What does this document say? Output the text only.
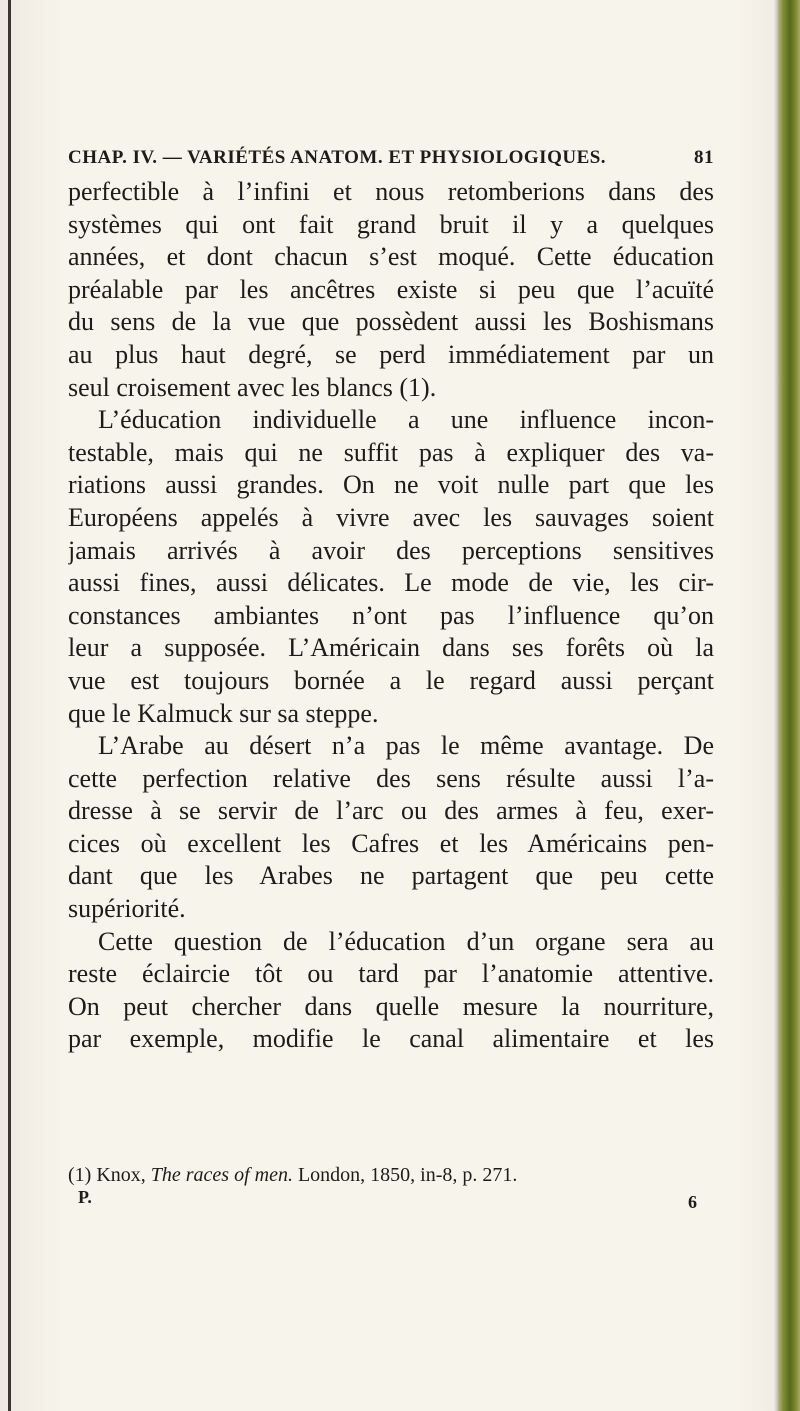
CHAP. IV. — VARIÉTÉS ANATOM. ET PHYSIOLOGIQUES.	81
perfectible à l’infini et nous retomberions dans des
systèmes qui ont fait grand bruit il y a quelques
années, et dont chacun s’est moqué. Cette éducation
préalable par les ancêtres existe si peu que l’acuïté
du sens de la vue que possèdent aussi les Boshismans
au plus haut degré, se perd immédiatement par un
seul croisement avec les blancs (1).
L’éducation individuelle a une influence incon-
testable, mais qui ne suffit pas à expliquer des va-
riations aussi grandes. On ne voit nulle part que les
Européens appelés à vivre avec les sauvages soient
jamais arrivés à avoir des perceptions sensitives
aussi fines, aussi délicates. Le mode de vie, les cir-
constances ambiantes n’ont pas l’influence qu’on
leur a supposée. L’Américain dans ses forêts où la
vue est toujours bornée a le regard aussi perçant
que le Kalmuck sur sa steppe.
L’Arabe au désert n’a pas le même avantage. De
cette perfection relative des sens résulte aussi l’a-
dresse à se servir de l’arc ou des armes à feu, exer-
cices où excellent les Cafres et les Américains pen-
dant que les Arabes ne partagent que peu cette
supériorité.
Cette question de l’éducation d’un organe sera au
reste éclaircie tôt ou tard par l’anatomie attentive.
On peut chercher dans quelle mesure la nourriture,
par exemple, modifie le canal alimentaire et les
(1) Knox, The races of men. London, 1850, in-8, p. 271.
P.	6
